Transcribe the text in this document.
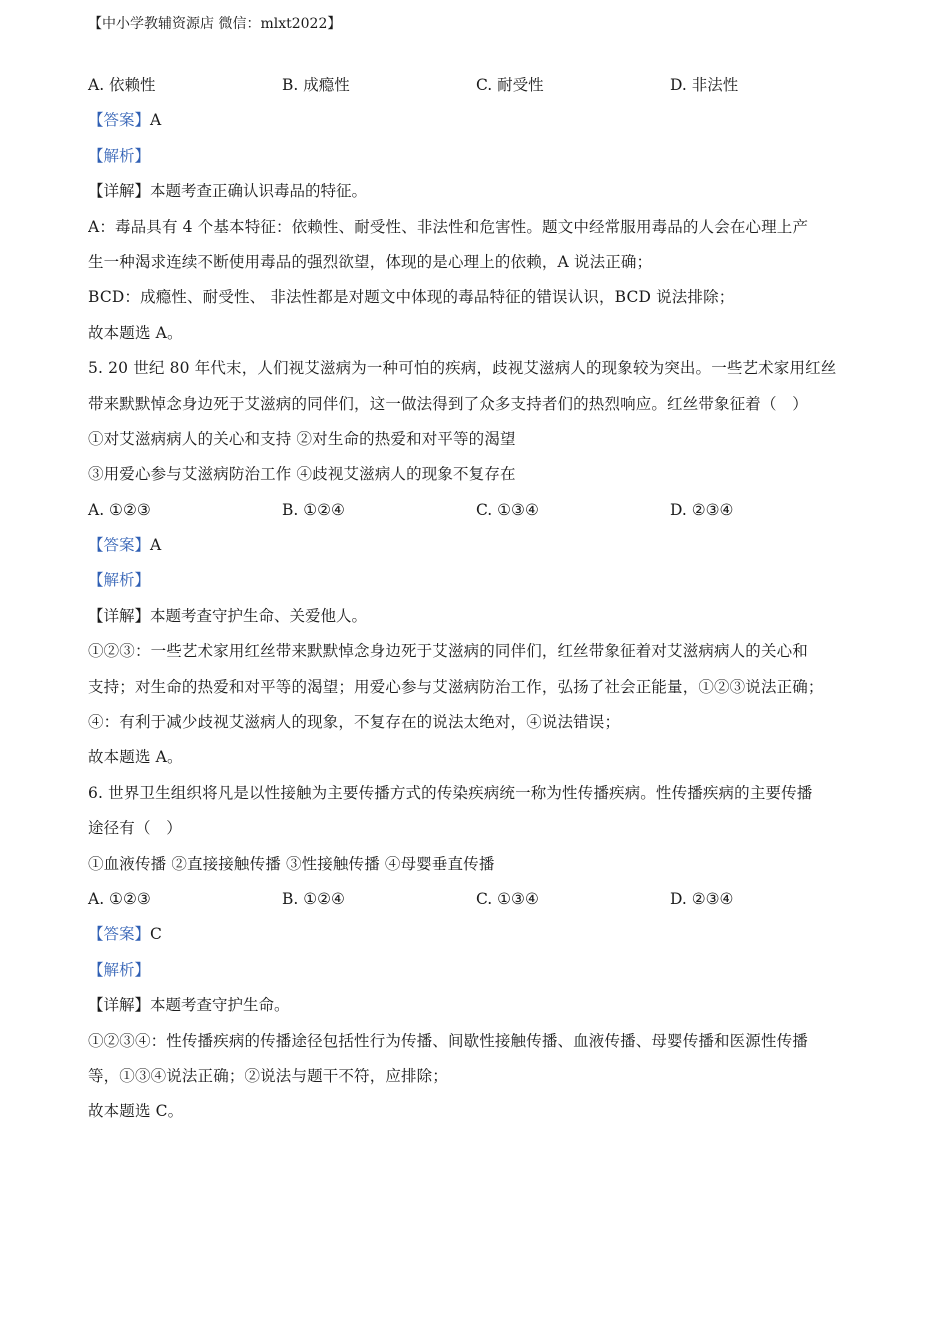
【中小学教辅资源店 微信：mlxt2022】
A. 依赖性	B. 成瘾性	C. 耐受性	D. 非法性
【答案】A
【解析】
【详解】本题考查正确认识毒品的特征。
A：毒品具有 4 个基本特征：依赖性、耐受性、非法性和危害性。题文中经常服用毒品的人会在心理上产
生一种渴求连续不断使用毒品的强烈欲望，体现的是心理上的依赖，A 说法正确；
BCD：成瘾性、耐受性、 非法性都是对题文中体现的毒品特征的错误认识，BCD 说法排除；
故本题选 A。
5. 20 世纪 80 年代末，人们视艾滋病为一种可怕的疾病，歧视艾滋病人的现象较为突出。一些艺术家用红丝
带来默默悼念身边死于艾滋病的同伴们，这一做法得到了众多支持者们的热烈响应。红丝带象征着（　）
①对艾滋病病人的关心和支持 ②对生命的热爱和对平等的渴望
③用爱心参与艾滋病防治工作 ④歧视艾滋病人的现象不复存在
A. ①②③	B. ①②④	C. ①③④	D. ②③④
【答案】A
【解析】
【详解】本题考查守护生命、关爱他人。
①②③：一些艺术家用红丝带来默默悼念身边死于艾滋病的同伴们，红丝带象征着对艾滋病病人的关心和
支持；对生命的热爱和对平等的渴望；用爱心参与艾滋病防治工作，弘扬了社会正能量，①②③说法正确；
④：有利于减少歧视艾滋病人的现象，不复存在的说法太绝对，④说法错误；
故本题选 A。
6. 世界卫生组织将凡是以性接触为主要传播方式的传染疾病统一称为性传播疾病。性传播疾病的主要传播
途径有（　）
①血液传播 ②直接接触传播 ③性接触传播 ④母婴垂直传播
A. ①②③	B. ①②④	C. ①③④	D. ②③④
【答案】C
【解析】
【详解】本题考查守护生命。
①②③④：性传播疾病的传播途径包括性行为传播、间歇性接触传播、血液传播、母婴传播和医源性传播
等，①③④说法正确；②说法与题干不符，应排除；
故本题选 C。
